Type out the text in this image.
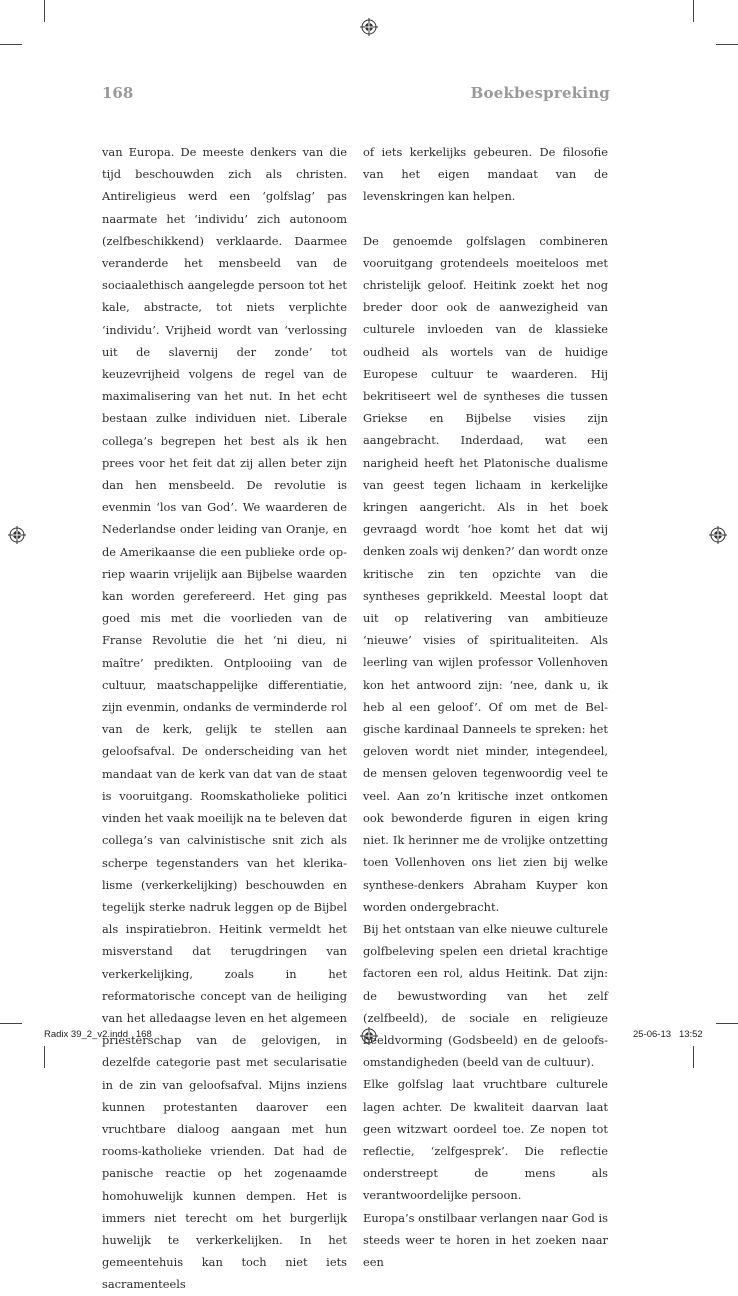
168	Boekbespreking

van Europa. De meeste denkers van die tijd beschouwden zich als christen. Antireligieus werd een ‘golfslag’ pas naarmate het ‘individu’ zich autonoom (zelfbeschikkend) verklaarde. Daarmee veranderde het mensbeeld van de sociaalethisch aangelegde persoon tot het kale, abstracte, tot niets verplichte ‘individu’. Vrijheid wordt van ‘verlossing uit de slavernij der zonde’ tot keuzevrijheid volgens de regel van de maximalisering van het nut. In het echt bestaan zulke individuen niet. Liberale collega’s begrepen het best als ik hen prees voor het feit dat zij allen beter zijn dan hen mensbeeld. De revolutie is evenmin ‘los van God’. We waarderen de Nederlandse onder leiding van Oranje, en de Amerikaanse die een publieke orde opriep waarin vrijelijk aan Bijbelse waarden kan worden gerefereerd. Het ging pas goed mis met die voorlieden van de Franse Revolutie die het ‘ni dieu, ni maître’ predikten. Ontplooiing van de cultuur, maatschappelijke differentiatie, zijn evenmin, ondanks de verminderde rol van de kerk, gelijk te stellen aan geloofsafval. De onderscheiding van het mandaat van de kerk van dat van de staat is vooruitgang. Roomskatholieke politici vinden het vaak moeilijk na te beleven dat collega’s van calvinistische snit zich als scherpe tegenstanders van het klerikalisme (verkerkelijking) beschouwden en tegelijk sterke nadruk leggen op de Bijbel als inspiratiebron. Heitink vermeldt het misverstand dat terugdringen van verkerkelijking, zoals in het reformatorische concept van de heiliging van het alledaagse leven en het algemeen priesterschap van de gelovigen, in dezelfde categorie past met secularisatie in de zin van geloofsafval. Mijns inziens kunnen protestanten daarover een vruchtbare dialoog aangaan met hun rooms-katholieke vrienden. Dat had de panische reactie op het zogenaamde homohuwelijk kunnen dempen. Het is immers niet terecht om het burgerlijk huwelijk te verkerkelijken. In het gemeentehuis kan toch niet iets sacramenteels

of iets kerkelijks gebeuren. De filosofie van het eigen mandaat van de levenskringen kan helpen.

De genoemde golfslagen combineren vooruitgang grotendeels moeiteloos met christelijk geloof. Heitink zoekt het nog breder door ook de aanwezigheid van culturele invloeden van de klassieke oudheid als wortels van de huidige Europese cultuur te waarderen. Hij bekritiseert wel de syntheses die tussen Griekse en Bijbelse visies zijn aangebracht. Inderdaad, wat een narigheid heeft het Platonische dualisme van geest tegen lichaam in kerkelijke kringen aangericht. Als in het boek gevraagd wordt ‘hoe komt het dat wij denken zoals wij denken?’ dan wordt onze kritische zin ten opzichte van die syntheses geprikkeld. Meestal loopt dat uit op relativering van ambitieuze ‘nieuwe’ visies of spiritualiteiten. Als leerling van wijlen professor Vollenhoven kon het antwoord zijn: ‘nee, dank u, ik heb al een geloof’. Of om met de Belgische kardinaal Danneels te spreken: het geloven wordt niet minder, integendeel, de mensen geloven tegenwoordig veel te veel. Aan zo’n kritische inzet ontkomen ook bewonderde figuren in eigen kring niet. Ik herinner me de vrolijke ontzetting toen Vollenhoven ons liet zien bij welke synthese-denkers Abraham Kuyper kon worden ondergebracht.

Bij het ontstaan van elke nieuwe culturele golfbeleving spelen een drietal krachtige factoren een rol, aldus Heitink. Dat zijn: de bewustwording van het zelf (zelfbeeld), de sociale en religieuze beeldvorming (Godsbeeld) en de geloofsomstandigheden (beeld van de cultuur).

Elke golfslag laat vruchtbare culturele lagen achter. De kwaliteit daarvan laat geen witzwart oordeel toe. Ze nopen tot reflectie, ‘zelfgesprek’. Die reflectie onderstreept de mens als verantwoordelijke persoon.

Europa’s onstilbaar verlangen naar God is steeds weer te horen in het zoeken naar een

Radix 39_2_v2.indd   168	25-06-13   13:52
